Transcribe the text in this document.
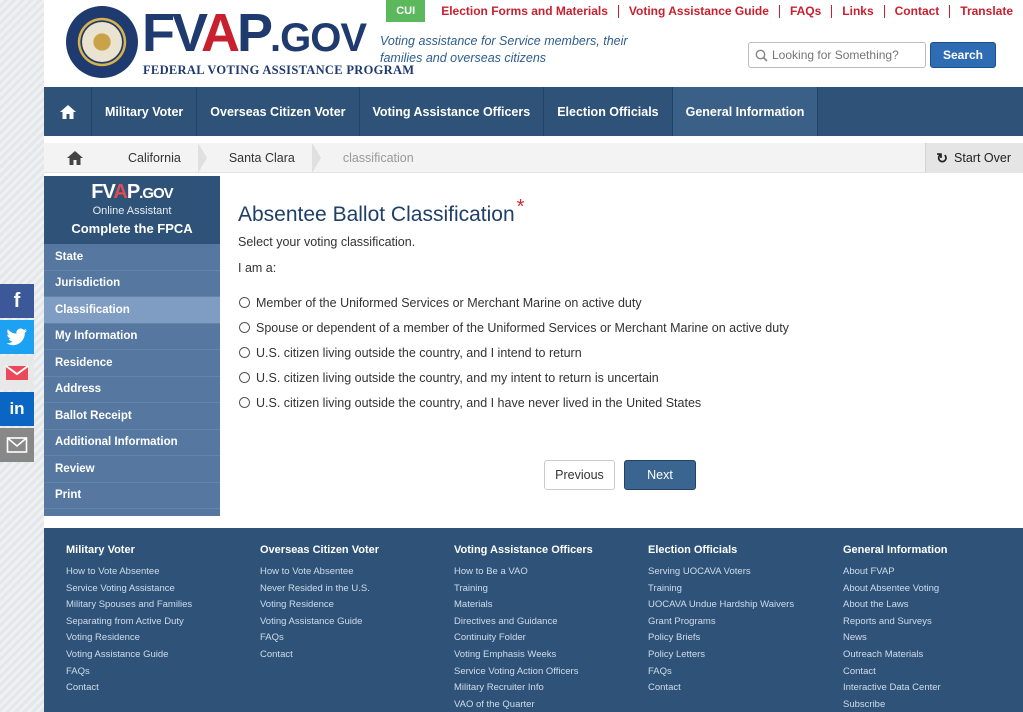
f
in
FVAP.GOV
FEDERAL VOTING ASSISTANCE PROGRAM
Voting assistance for Service members, their families and overseas citizens
CUI	Election Forms and Materials	Voting Assistance Guide	FAQs	Links	Contact	Translate
Looking for Something?
Search
Military Voter	Overseas Citizen Voter	Voting Assistance Officers	Election Officials	General Information
California	Santa Clara	classification	↻ Start Over
FVAP.GOV
Online Assistant
Complete the FPCA
State
Jurisdiction
Classification
My Information
Residence
Address
Ballot Receipt
Additional Information
Review
Print
Absentee Ballot Classification *
Select your voting classification.
I am a:
Member of the Uniformed Services or Merchant Marine on active duty
Spouse or dependent of a member of the Uniformed Services or Merchant Marine on active duty
U.S. citizen living outside the country, and I intend to return
U.S. citizen living outside the country, and my intent to return is uncertain
U.S. citizen living outside the country, and I have never lived in the United States
Previous	Next
Military Voter
How to Vote Absentee
Service Voting Assistance
Military Spouses and Families
Separating from Active Duty
Voting Residence
Voting Assistance Guide
FAQs
Contact
Overseas Citizen Voter
How to Vote Absentee
Never Resided in the U.S.
Voting Residence
Voting Assistance Guide
FAQs
Contact
Voting Assistance Officers
How to Be a VAO
Training
Materials
Directives and Guidance
Continuity Folder
Voting Emphasis Weeks
Service Voting Action Officers
Military Recruiter Info
VAO of the Quarter
Election Officials
Serving UOCAVA Voters
Training
UOCAVA Undue Hardship Waivers
Grant Programs
Policy Briefs
Policy Letters
FAQs
Contact
General Information
About FVAP
About Absentee Voting
About the Laws
Reports and Surveys
News
Outreach Materials
Contact
Interactive Data Center
Subscribe
